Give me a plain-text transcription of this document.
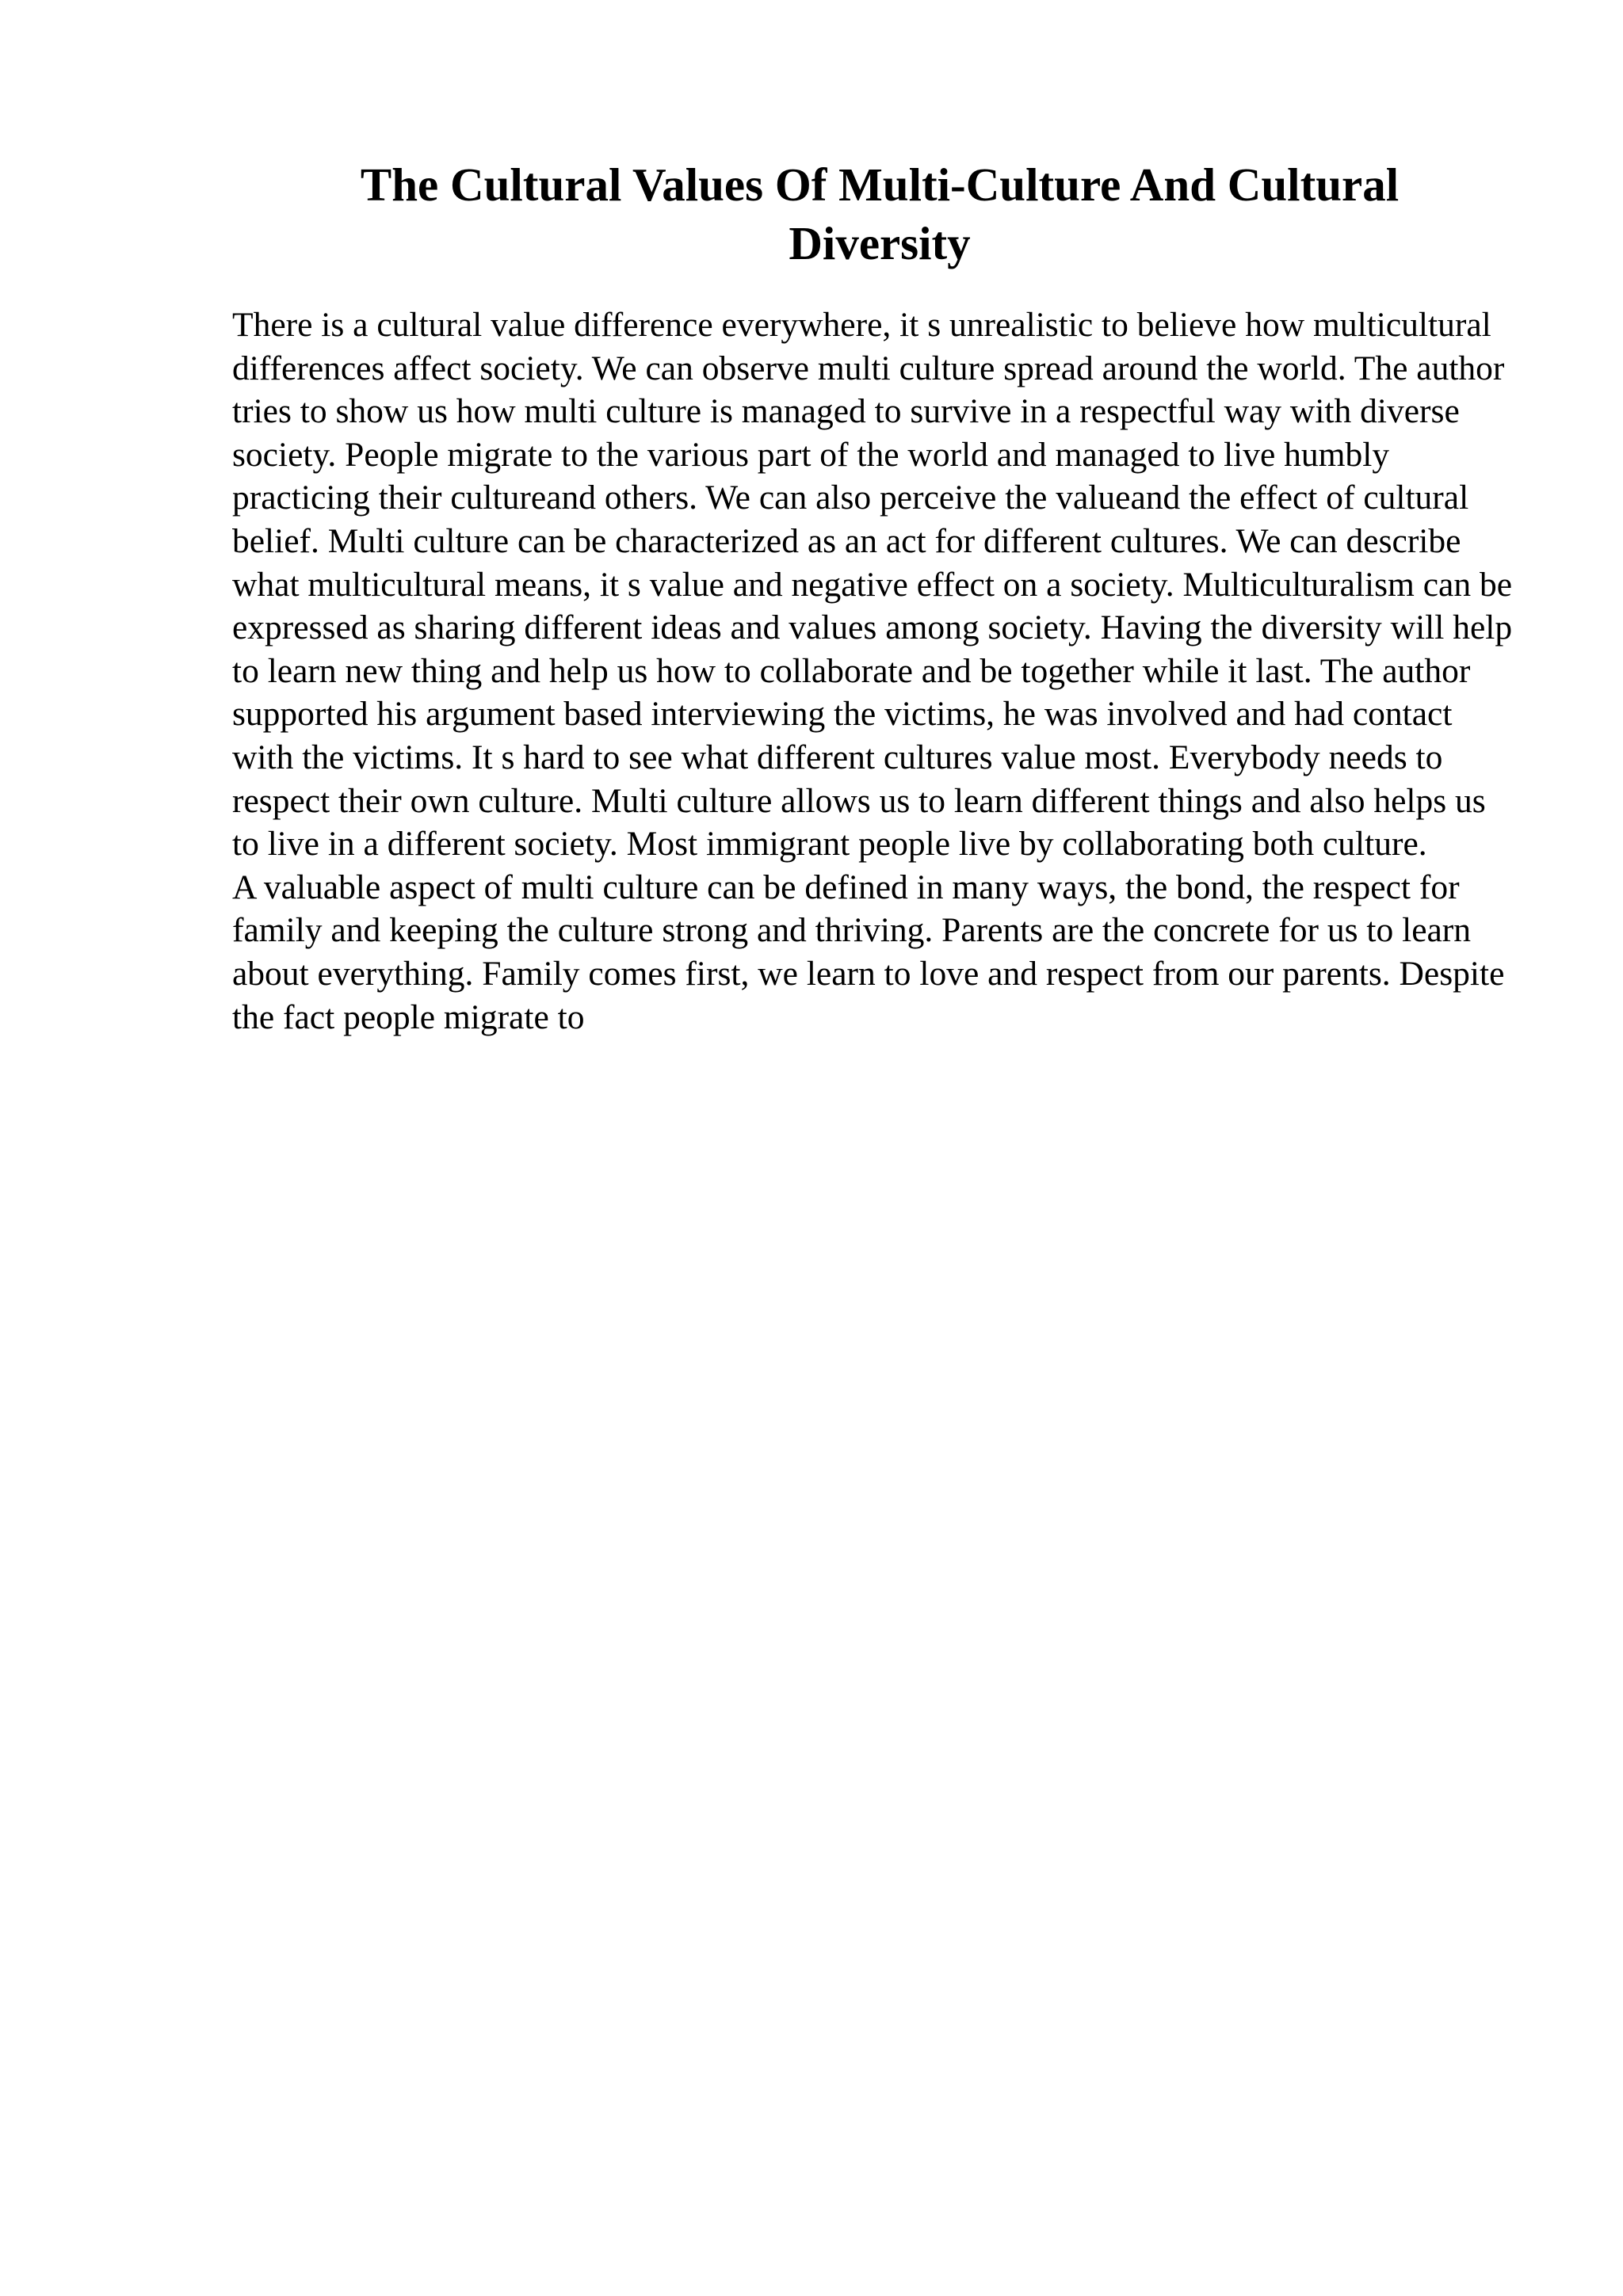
The Cultural Values Of Multi-Culture And Cultural Diversity

There is a cultural value difference everywhere, it s unrealistic to believe how multicultural differences affect society. We can observe multi culture spread around the world. The author tries to show us how multi culture is managed to survive in a respectful way with diverse society. People migrate to the various part of the world and managed to live humbly practicing their cultureand others. We can also perceive the valueand the effect of cultural belief. Multi culture can be characterized as an act for different cultures. We can describe what multicultural means, it s value and negative effect on a society. Multiculturalism can be expressed as sharing different ideas and values among society. Having the diversity will help to learn new thing and help us how to collaborate and be together while it last. The author supported his argument based interviewing the victims, he was involved and had contact with the victims. It s hard to see what different cultures value most. Everybody needs to respect their own culture. Multi culture allows us to learn different things and also helps us to live in a different society. Most immigrant people live by collaborating both culture.

A valuable aspect of multi culture can be defined in many ways, the bond, the respect for family and keeping the culture strong and thriving. Parents are the concrete for us to learn about everything. Family comes first, we learn to love and respect from our parents. Despite the fact people migrate to
